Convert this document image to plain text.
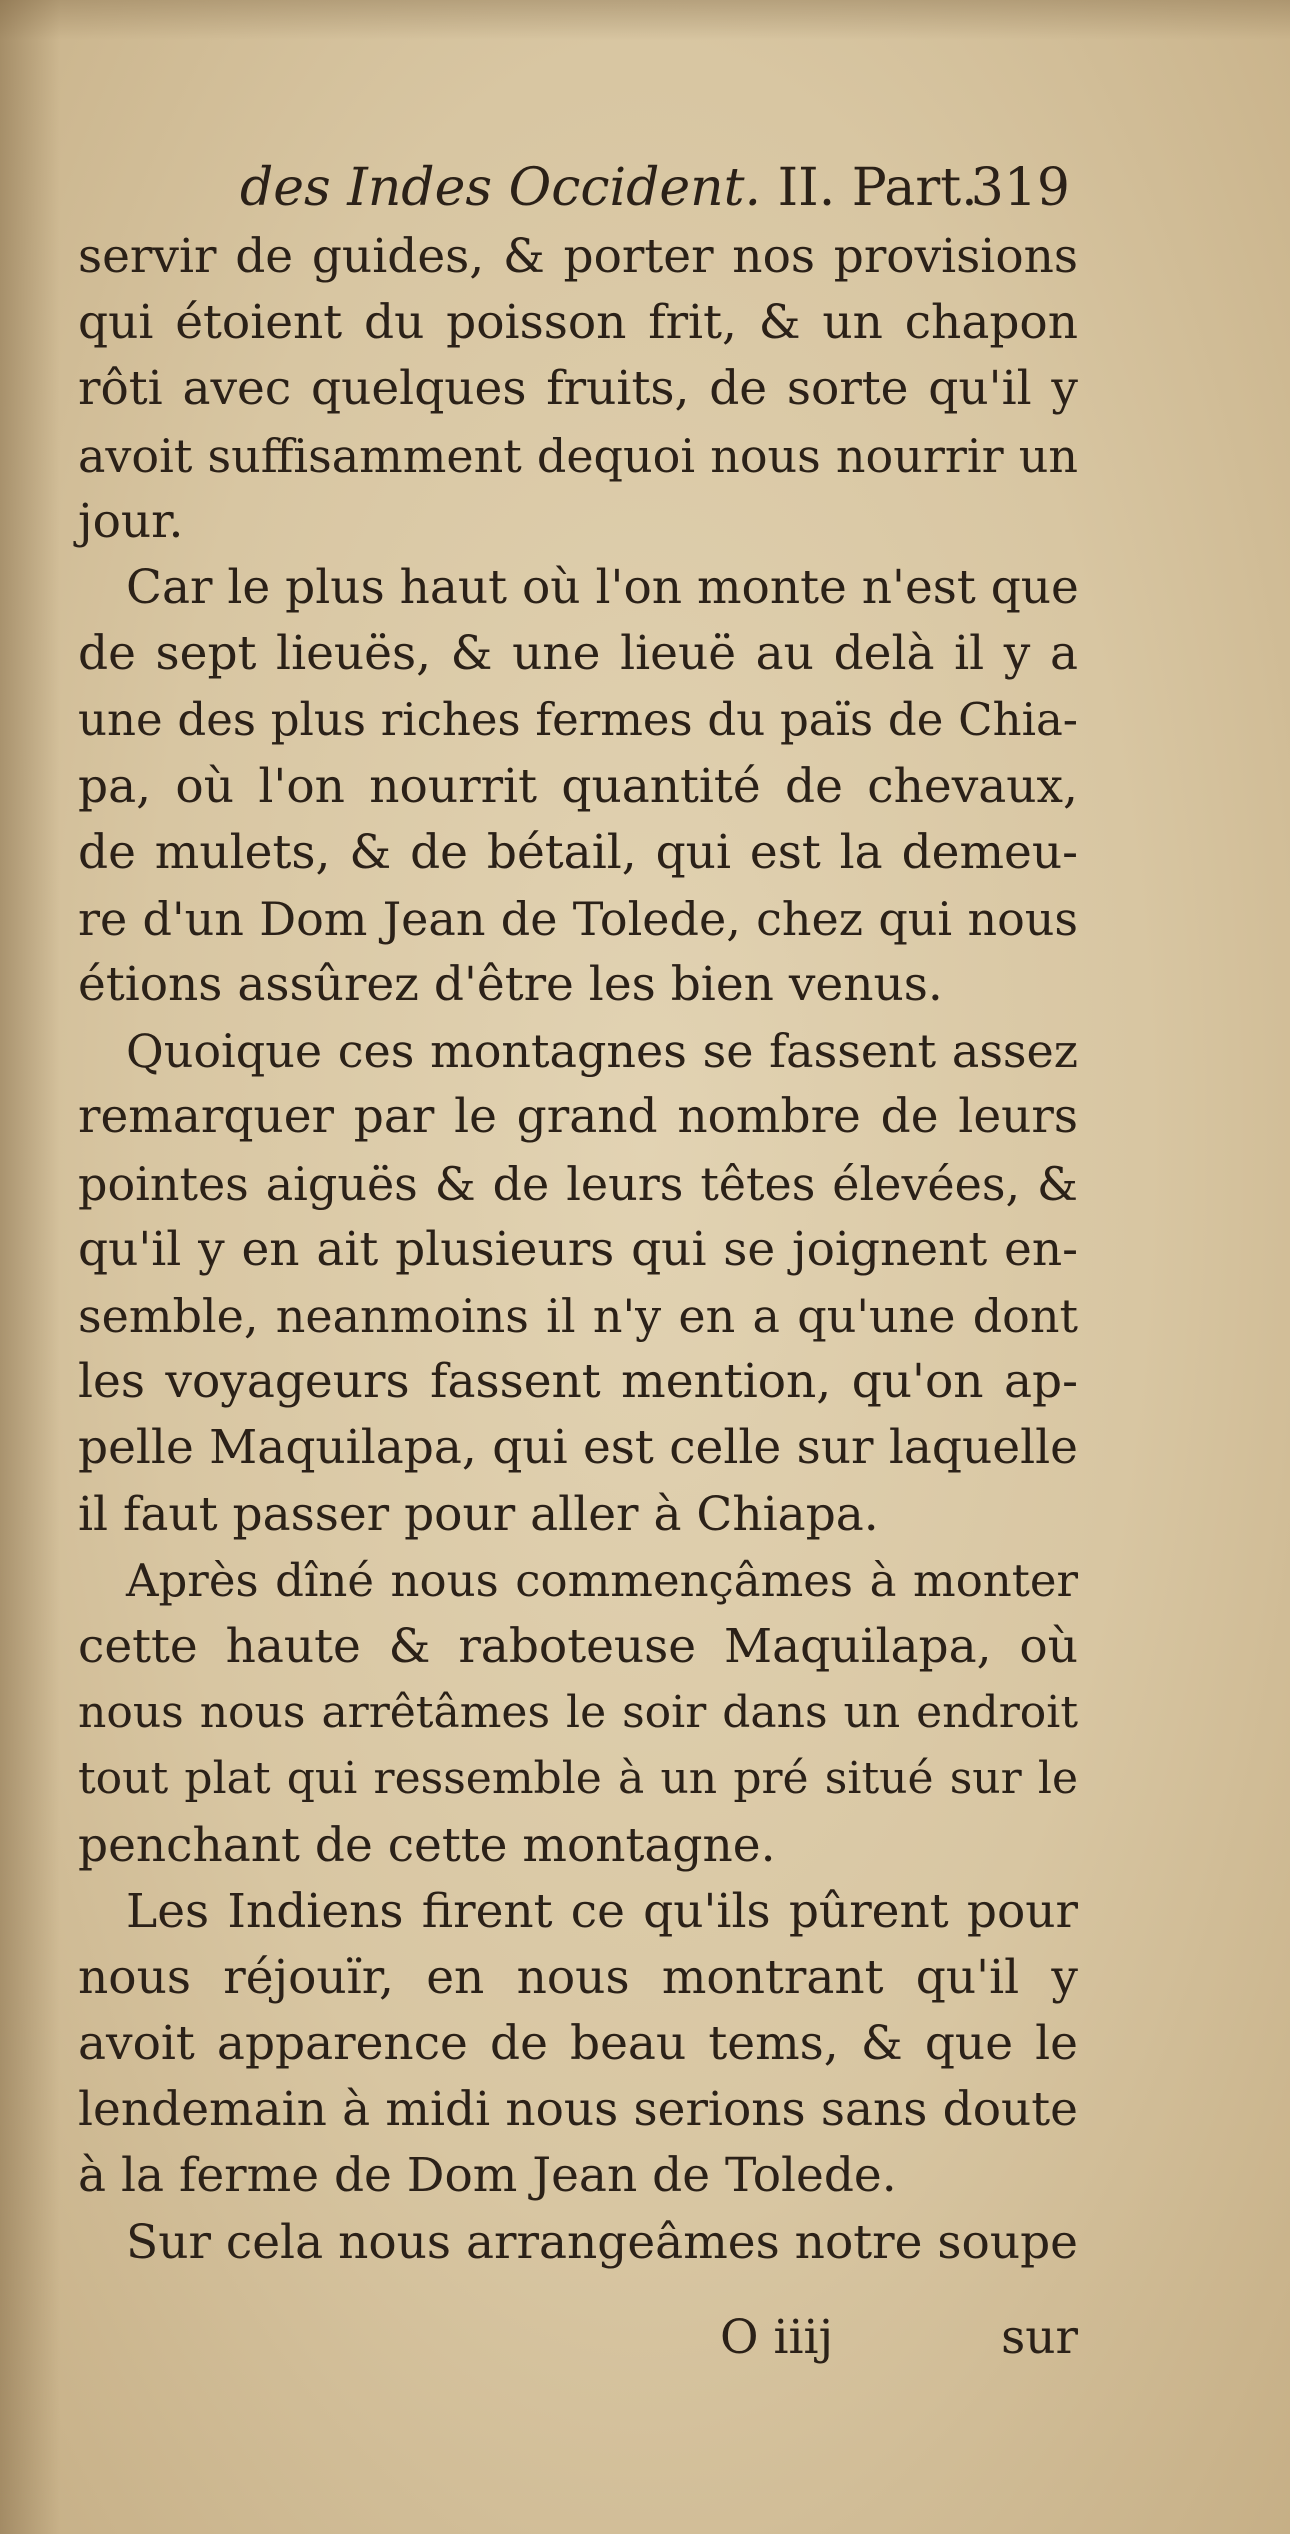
des Indes Occident. II. Part.
319
servir de guides, & porter nos provisions
qui étoient du poisson frit, & un chapon
rôti avec quelques fruits, de sorte qu'il y
avoit suffisamment dequoi nous nourrir un
jour.
Car le plus haut où l'on monte n'est que
de sept lieuës, & une lieuë au delà il y a
une des plus riches fermes du païs de Chia-
pa, où l'on nourrit quantité de chevaux,
de mulets, & de bétail, qui est la demeu-
re d'un Dom Jean de Tolede, chez qui nous
étions assûrez d'être les bien venus.
Quoique ces montagnes se fassent assez
remarquer par le grand nombre de leurs
pointes aiguës & de leurs têtes élevées, &
qu'il y en ait plusieurs qui se joignent en-
semble, neanmoins il n'y en a qu'une dont
les voyageurs fassent mention, qu'on ap-
pelle Maquilapa, qui est celle sur laquelle
il faut passer pour aller à Chiapa.
Après dîné nous commençâmes à monter
cette haute & raboteuse Maquilapa, où
nous nous arrêtâmes le soir dans un endroit
tout plat qui ressemble à un pré situé sur le
penchant de cette montagne.
Les Indiens firent ce qu'ils pûrent pour
nous réjouïr, en nous montrant qu'il y
avoit apparence de beau tems, & que le
lendemain à midi nous serions sans doute
à la ferme de Dom Jean de Tolede.
Sur cela nous arrangeâmes notre soupe
O iiij	sur
